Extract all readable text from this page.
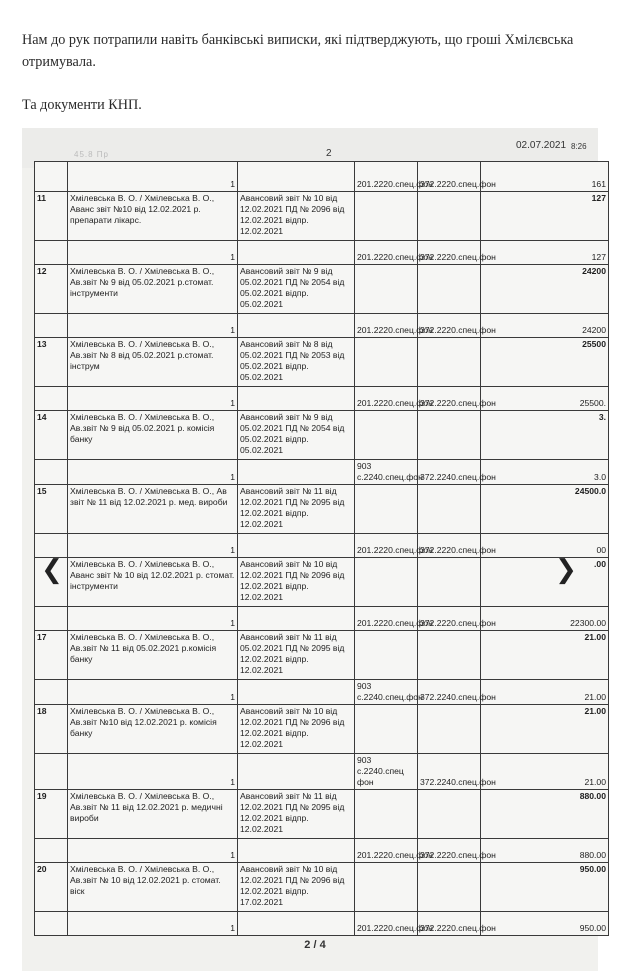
Нам до рук потрапили навіть банківські виписки, які підтверджують, що гроші Хмілєвська отримувала.

Та документи КНП.

45.8 Пр	2
02.07.2021 8:26
	1		201.2220.спец.фон	372.2220.спец.фон	161
11	Хмілевська В. О. / Хмілевська В. О., Аванс звіт №10 від 12.02.2021 р. препарати лікарс.	Авансовий звіт № 10 від 12.02.2021 ПД № 2096 від 12.02.2021 відпр. 12.02.2021			127
	1		201.2220.спец.фон	372.2220.спец.фон	127
12	Хмілевська В. О. / Хмілевська В. О., Ав.звіт № 9 від 05.02.2021 р.стомат. інструменти	Авансовий звіт № 9 від 05.02.2021 ПД № 2054 від 05.02.2021 відпр. 05.02.2021			24200
	1		201.2220.спец.фон	372.2220.спец.фон	24200
13	Хмілевська В. О. / Хмілевська В. О., Ав.звіт № 8 від 05.02.2021 р.стомат. інструм	Авансовий звіт № 8 від 05.02.2021 ПД № 2053 від 05.02.2021 відпр. 05.02.2021			25500
	1		201.2220.спец.фон	372.2220.спец.фон	25500.
14	Хмілевська В. О. / Хмілевська В. О., Ав.звіт № 9 від 05.02.2021 р. комісія банку	Авансовий звіт № 9 від 05.02.2021 ПД № 2054 від 05.02.2021 відпр. 05.02.2021			3.
	1		903 с.2240.спец.фон	372.2240.спец.фон	3.0
15	Хмілевська В. О. / Хмілевська В. О., Ав звіт № 11 від 12.02.2021 р. мед. вироби	Авансовий звіт № 11 від 12.02.2021 ПД № 2095 від 12.02.2021 відпр. 12.02.2021			24500.0
	1		201.2220.спец.фон	372.2220.спец.фон	00
	Хмілевська В. О. / Хмілевська В. О., Аванс звіт № 10 від 12.02.2021 р. стомат. інструменти	Авансовий звіт № 10 від 12.02.2021 ПД № 2096 від 12.02.2021 відпр. 12.02.2021			.00
	1		201.2220.спец.фон	372.2220.спец.фон	22300.00
17	Хмілевська В. О. / Хмілевська В. О., Ав.звіт № 11 від 05.02.2021 р.комісія банку	Авансовий звіт № 11 від 05.02.2021 ПД № 2095 від 12.02.2021 відпр. 12.02.2021			21.00
	1		903 с.2240.спец.фон	372.2240.спец.фон	21.00
18	Хмілевська В. О. / Хмілевська В. О., Ав.звіт №10 від 12.02.2021 р. комісія банку	Авансовий звіт № 10 від 12.02.2021 ПД № 2096 від 12.02.2021 відпр. 12.02.2021			21.00
	1		903 с.2240.спец фон	372.2240.спец.фон	21.00
19	Хмілевська В. О. / Хмілевська В. О., Ав.звіт № 11 від 12.02.2021 р. медичні вироби	Авансовий звіт № 11 від 12.02.2021 ПД № 2095 від 12.02.2021 відпр. 12.02.2021			880.00
	1		201.2220.спец.фон	372.2220.спец.фон	880.00
20	Хмілевська В. О. / Хмілевська В. О., Ав.звіт № 10 від 12.02.2021 р. стомат. віск	Авансовий звіт № 10 від 12.02.2021 ПД № 2096 від 12.02.2021 відпр. 17.02.2021			950.00
	1		201.2220.спец.фон	372.2220.спец.фон	950.00
❮	❯
2 / 4
